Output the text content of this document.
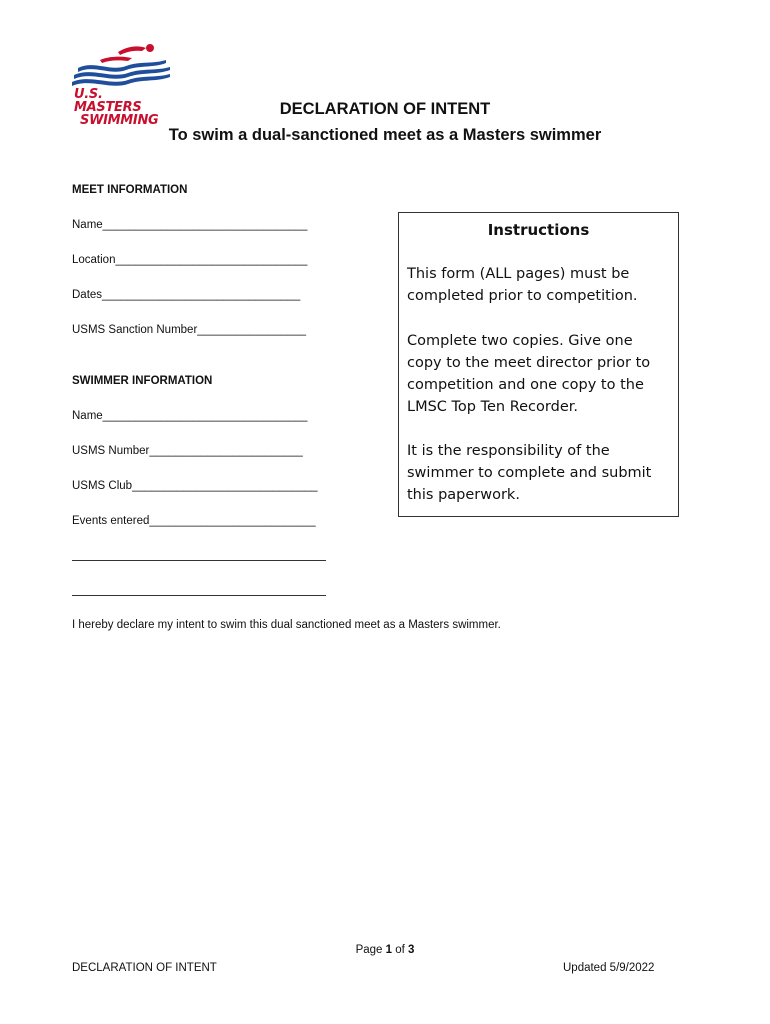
U.S. MASTERS
SWIMMING
DECLARATION OF INTENT
To swim a dual-sanctioned meet as a Masters swimmer
MEET INFORMATION
Name________________________________
Location______________________________
Dates_______________________________
USMS Sanction Number_________________
SWIMMER INFORMATION
Name________________________________
USMS Number________________________
USMS Club_____________________________
Events entered__________________________
Instructions

This form (ALL pages) must be completed prior to competition.

Complete two copies. Give one copy to the meet director prior to competition and one copy to the LMSC Top Ten Recorder.

It is the responsibility of the swimmer to complete and submit this paperwork.

I hereby declare my intent to swim this dual sanctioned meet as a Masters swimmer.
Page 1 of 3
DECLARATION OF INTENT	Updated 5/9/2022
